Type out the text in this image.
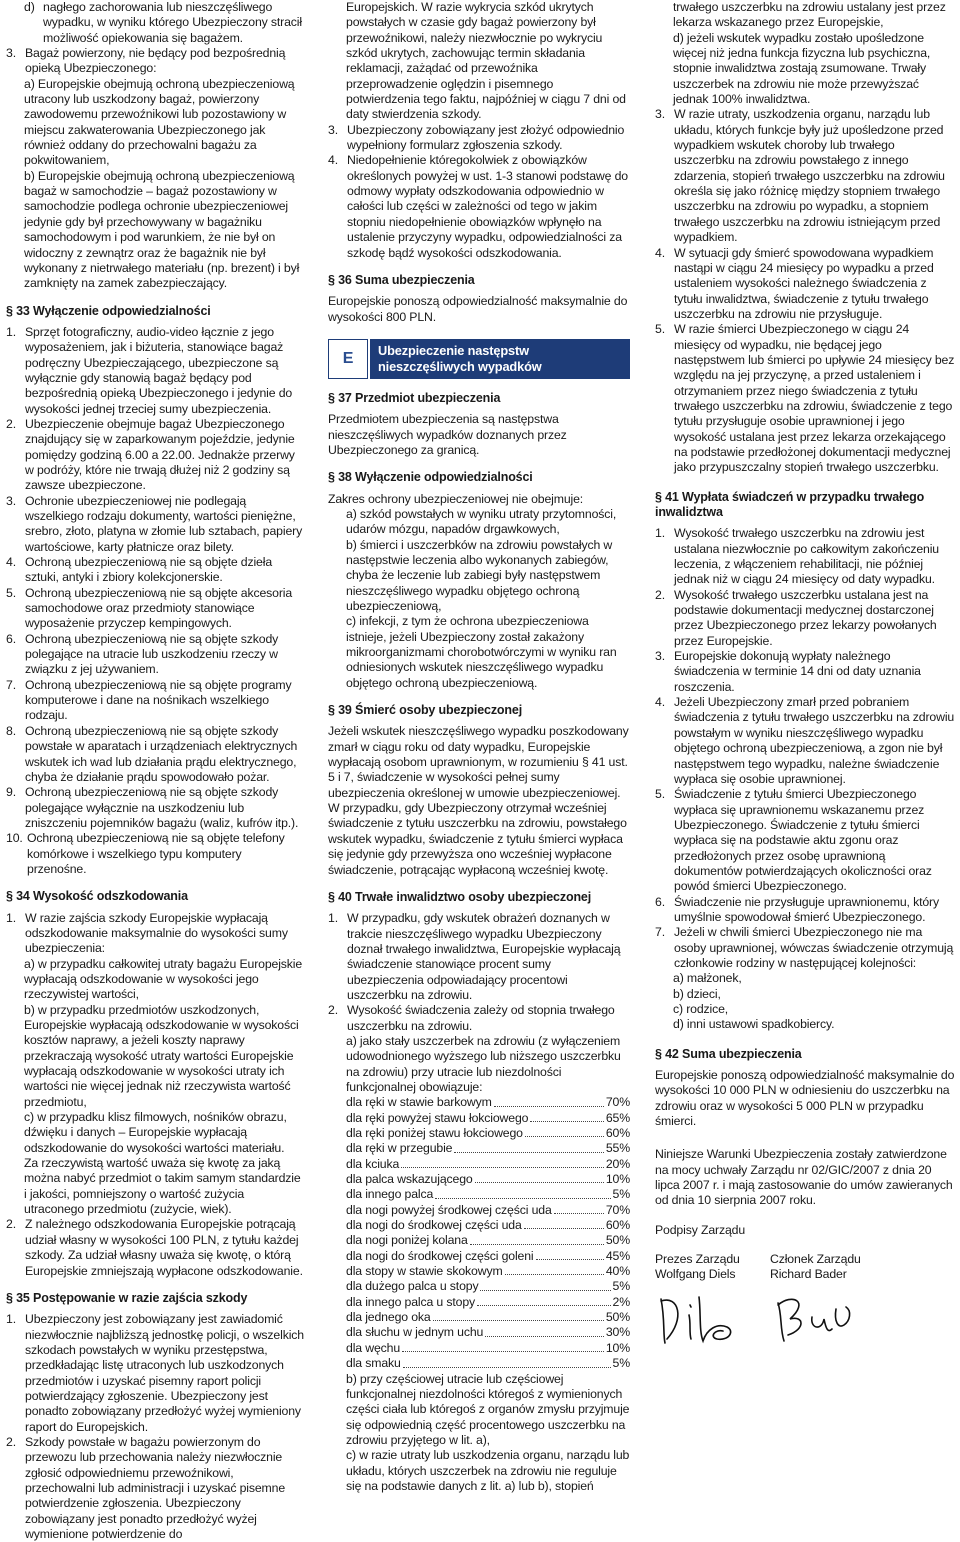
d) nagłego zachorowania lub nieszczęśliwego wypadku, w wyniku którego Ubezpieczony stracił możliwość opiekowania się bagażem.
3. Bagaż powierzony, nie będący pod bezpośrednią opieką Ubezpieczonego:

a) Europejskie obejmują ochroną ubezpieczeniową utracony lub uszkodzony bagaż, powierzony zawodowemu przewoźnikowi lub pozostawiony w miejscu zakwaterowania Ubezpieczonego jak również oddany do przechowalni bagażu za pokwitowaniem,

b) Europejskie obejmują ochroną ubezpieczeniową bagaż w samochodzie – bagaż pozostawiony w samochodzie podlega ochronie ubezpieczeniowej jedynie gdy był przechowywany w bagażniku samochodowym i pod warunkiem, że nie był on widoczny z zewnątrz oraz że bagażnik nie był wykonany z nietrwałego materiału (np. brezent) i był zamknięty na zamek zabezpieczający.

§ 33 Wyłączenie odpowiedzialności

1. Sprzęt fotograficzny, audio-video łącznie z jego wyposażeniem, jak i biżuteria, stanowiące bagaż podręczny Ubezpieczającego, ubezpieczone są wyłącznie gdy stanowią bagaż będący pod bezpośrednią opieką Ubezpieczonego i jedynie do wysokości jednej trzeciej sumy ubezpieczenia.
2. Ubezpieczenie obejmuje bagaż Ubezpieczonego znajdujący się w zaparkowanym pojeździe, jedynie pomiędzy godziną 6.00 a 22.00. Jednakże przerwy w podróży, które nie trwają dłużej niż 2 godziny są zawsze ubezpieczone.
3. Ochronie ubezpieczeniowej nie podlegają wszelkiego rodzaju dokumenty, wartości pieniężne, srebro, złoto, platyna w złomie lub sztabach, papiery wartościowe, karty płatnicze oraz bilety.
4. Ochroną ubezpieczeniową nie są objęte dzieła sztuki, antyki i zbiory kolekcjonerskie.
5. Ochroną ubezpieczeniową nie są objęte akcesoria samochodowe oraz przedmioty stanowiące wyposażenie przyczep kempingowych.
6. Ochroną ubezpieczeniową nie są objęte szkody polegające na utracie lub uszkodzeniu rzeczy w związku z jej używaniem.
7. Ochroną ubezpieczeniową nie są objęte programy komputerowe i dane na nośnikach wszelkiego rodzaju.
8. Ochroną ubezpieczeniową nie są objęte szkody powstałe w aparatach i urządzeniach elektrycznych wskutek ich wad lub działania prądu elektrycznego, chyba że działanie prądu spowodowało pożar.
9. Ochroną ubezpieczeniową nie są objęte szkody polegające wyłącznie na uszkodzeniu lub zniszczeniu pojemników bagażu (waliz, kufrów itp.).
10. Ochroną ubezpieczeniową nie są objęte telefony komórkowe i wszelkiego typu komputery przenośne.

§ 34 Wysokość odszkodowania

1. W razie zajścia szkody Europejskie wypłacają odszkodowanie maksymalnie do wysokości sumy ubezpieczenia:

a) w przypadku całkowitej utraty bagażu Europejskie wypłacają odszkodowanie w wysokości jego rzeczywistej wartości,

b) w przypadku przedmiotów uszkodzonych, Europejskie wypłacają odszkodowanie w wysokości kosztów naprawy, a jeżeli koszty naprawy przekraczają wysokość utraty wartości Europejskie wypłacają odszkodowanie w wysokości utraty ich wartości nie więcej jednak niż rzeczywista wartość przedmiotu,

c) w przypadku klisz filmowych, nośników obrazu, dźwięku i danych – Europejskie wypłacają odszkodowanie do wysokości wartości materiału.

Za rzeczywistą wartość uważa się kwotę za jaką można nabyć przedmiot o takim samym standardzie i jakości, pomniejszony o wartość zużycia utraconego przedmiotu (zużycie, wiek).

2. Z należnego odszkodowania Europejskie potrącają udział własny w wysokości 100 PLN, z tytułu każdej szkody. Za udział własny uważa się kwotę, o którą Europejskie zmniejszają wypłacone odszkodowanie.

§ 35 Postępowanie w razie zajścia szkody

1. Ubezpieczony jest zobowiązany jest zawiadomić niezwłocznie najbliższą jednostkę policji, o wszelkich szkodach powstałych w wyniku przestępstwa, przedkładając listę utraconych lub uszkodzonych przedmiotów i uzyskać pisemny raport policji potwierdzający zgłoszenie. Ubezpieczony jest ponadto zobowiązany przedłożyć wyżej wymieniony raport do Europejskich.
2. Szkody powstałe w bagażu powierzonym do przewozu lub przechowania należy niezwłocznie zgłosić odpowiedniemu przewoźnikowi, przechowalni lub administracji i uzyskać pisemne potwierdzenie zgłoszenia. Ubezpieczony zobowiązany jest ponadto przedłożyć wyżej wymienione potwierdzenie do

Europejskich. W razie wykrycia szkód ukrytych powstałych w czasie gdy bagaż powierzony był przewoźnikowi, należy niezwłocznie po wykryciu szkód ukrytych, zachowując termin składania reklamacji, zażądać od przewoźnika przeprowadzenie oględzin i pisemnego potwierdzenia tego faktu, najpóźniej w ciągu 7 dni od daty stwierdzenia szkody.

3. Ubezpieczony zobowiązany jest złożyć odpowiednio wypełniony formularz zgłoszenia szkody.
4. Niedopełnienie któregokolwiek z obowiązków określonych powyżej w ust. 1-3 stanowi podstawę do odmowy wypłaty odszkodowania odpowiednio w całości lub części w zależności od tego w jakim stopniu niedopełnienie obowiązków wpłynęło na ustalenie przyczyny wypadku, odpowiedzialności za szkodę bądź wysokości odszkodowania.

§ 36 Suma ubezpieczenia

Europejskie ponoszą odpowiedzialność maksymalnie do wysokości 800 PLN.

E	Ubezpieczenie następstw nieszczęśliwych wypadków

§ 37 Przedmiot ubezpieczenia

Przedmiotem ubezpieczenia są następstwa nieszczęśliwych wypadków doznanych przez Ubezpieczonego za granicą.

§ 38 Wyłączenie odpowiedzialności

Zakres ochrony ubezpieczeniowej nie obejmuje:

a) szkód powstałych w wyniku utraty przytomności, udarów mózgu, napadów drgawkowych,

b) śmierci i uszczerbków na zdrowiu powstałych w następstwie leczenia albo wykonanych zabiegów, chyba że leczenie lub zabiegi były następstwem nieszczęśliwego wypadku objętego ochroną ubezpieczeniową,

c) infekcji, z tym że ochrona ubezpieczeniowa istnieje, jeżeli Ubezpieczony został zakażony mikroorganizmami chorobotwórczymi w wyniku ran odniesionych wskutek nieszczęśliwego wypadku objętego ochroną ubezpieczeniową.

§ 39 Śmierć osoby ubezpieczonej

Jeżeli wskutek nieszczęśliwego wypadku poszkodowany zmarł w ciągu roku od daty wypadku, Europejskie wypłacają osobom uprawnionym, w rozumieniu § 41 ust. 5 i 7, świadczenie w wysokości pełnej sumy ubezpieczenia określonej w umowie ubezpieczeniowej. W przypadku, gdy Ubezpieczony otrzymał wcześniej świadczenie z tytułu uszczerbku na zdrowiu, powstałego wskutek wypadku, świadczenie z tytułu śmierci wypłaca się jedynie gdy przewyższa ono wcześniej wypłacone świadczenie, potrącając wypłaconą wcześniej kwotę.

§ 40 Trwałe inwalidztwo osoby ubezpieczonej

1. W przypadku, gdy wskutek obrażeń doznanych w trakcie nieszczęśliwego wypadku Ubezpieczony doznał trwałego inwalidztwa, Europejskie wypłacają świadczenie stanowiące procent sumy ubezpieczenia odpowiadający procentowi uszczerbku na zdrowiu.
2. Wysokość świadczenia zależy od stopnia trwałego uszczerbku na zdrowiu.

a) jako stały uszczerbek na zdrowiu (z wyłączeniem udowodnionego wyższego lub niższego uszczerbku na zdrowiu) przy utracie lub niezdolności funkcjonalnej obowiązuje:

dla ręki w stawie barkowym	70%
dla ręki powyżej stawu łokciowego	65%
dla ręki poniżej stawu łokciowego	60%
dla ręki w przegubie	55%
dla kciuka	20%
dla palca wskazującego	10%
dla innego palca	5%
dla nogi powyżej środkowej części uda	70%
dla nogi do środkowej części uda	60%
dla nogi poniżej kolana	50%
dla nogi do środkowej części goleni	45%
dla stopy w stawie skokowym	40%
dla dużego palca u stopy	5%
dla innego palca u stopy	2%
dla jednego oka	50%
dla słuchu w jednym uchu	30%
dla węchu	10%
dla smaku	5%

b) przy częściowej utracie lub częściowej funkcjonalnej niezdolności któregoś z wymienionych części ciała lub któregoś z organów zmysłu przyjmuje się odpowiednią część procentowego uszczerbku na zdrowiu przyjętego w lit. a),

c) w razie utraty lub uszkodzenia organu, narządu lub układu, których uszczerbek na zdrowiu nie reguluje się na podstawie danych z lit. a) lub b), stopień

trwałego uszczerbku na zdrowiu ustalany jest przez lekarza wskazanego przez Europejskie,

d) jeżeli wskutek wypadku zostało upośledzone więcej niż jedna funkcja fizyczna lub psychiczna, stopnie inwalidztwa zostają zsumowane. Trwały uszczerbek na zdrowiu nie może przewyższać jednak 100% inwalidztwa.

3. W razie utraty, uszkodzenia organu, narządu lub układu, których funkcje były już upośledzone przed wypadkiem wskutek choroby lub trwałego uszczerbku na zdrowiu powstałego z innego zdarzenia, stopień trwałego uszczerbku na zdrowiu określa się jako różnicę między stopniem trwałego uszczerbku na zdrowiu po wypadku, a stopniem trwałego uszczerbku na zdrowiu istniejącym przed wypadkiem.
4. W sytuacji gdy śmierć spowodowana wypadkiem nastąpi w ciągu 24 miesięcy po wypadku a przed ustaleniem wysokości należnego świadczenia z tytułu inwalidztwa, świadczenie z tytułu trwałego uszczerbku na zdrowiu nie przysługuje.
5. W razie śmierci Ubezpieczonego w ciągu 24 miesięcy od wypadku, nie będącej jego następstwem lub śmierci po upływie 24 miesięcy bez względu na jej przyczynę, a przed ustaleniem i otrzymaniem przez niego świadczenia z tytułu trwałego uszczerbku na zdrowiu, świadczenie z tego tytułu przysługuje osobie uprawnionej i jego wysokość ustalana jest przez lekarza orzekającego na podstawie przedłożonej dokumentacji medycznej jako przypuszczalny stopień trwałego uszczerbku.

§ 41 Wypłata świadczeń w przypadku trwałego inwalidztwa

1. Wysokość trwałego uszczerbku na zdrowiu jest ustalana niezwłocznie po całkowitym zakończeniu leczenia, z włączeniem rehabilitacji, nie później jednak niż w ciągu 24 miesięcy od daty wypadku.
2. Wysokość trwałego uszczerbku ustalana jest na podstawie dokumentacji medycznej dostarczonej przez Ubezpieczonego przez lekarzy powołanych przez Europejskie.
3. Europejskie dokonują wypłaty należnego świadczenia w terminie 14 dni od daty uznania roszczenia.
4. Jeżeli Ubezpieczony zmarł przed pobraniem świadczenia z tytułu trwałego uszczerbku na zdrowiu powstałym w wyniku nieszczęśliwego wypadku objętego ochroną ubezpieczeniową, a zgon nie był następstwem tego wypadku, należne świadczenie wypłaca się osobie uprawnionej.
5. Świadczenie z tytułu śmierci Ubezpieczonego wypłaca się uprawnionemu wskazanemu przez Ubezpieczonego. Świadczenie z tytułu śmierci wypłaca się na podstawie aktu zgonu oraz przedłożonych przez osobę uprawnioną dokumentów potwierdzających okoliczności oraz powód śmierci Ubezpieczonego.
6. Świadczenie nie przysługuje uprawnionemu, który umyślnie spowodował śmierć Ubezpieczonego.
7. Jeżeli w chwili śmierci Ubezpieczonego nie ma osoby uprawnionej, wówczas świadczenie otrzymują członkowie rodziny w następującej kolejności:

a) małżonek,

b) dzieci,

c) rodzice,

d) inni ustawowi spadkobiercy.

§ 42 Suma ubezpieczenia

Europejskie ponoszą odpowiedzialność maksymalnie do wysokości 10 000 PLN w odniesieniu do uszczerbku na zdrowiu oraz w wysokości 5 000 PLN w przypadku śmierci.

Niniejsze Warunki Ubezpieczenia zostały zatwierdzone na mocy uchwały Zarządu nr 02/GIC/2007 z dnia 20 lipca 2007 r. i mają zastosowanie do umów zawieranych od dnia 10 sierpnia 2007 roku.

Podpisy Zarządu

Prezes Zarządu	Członek Zarządu
Wolfgang Diels	Richard Bader
